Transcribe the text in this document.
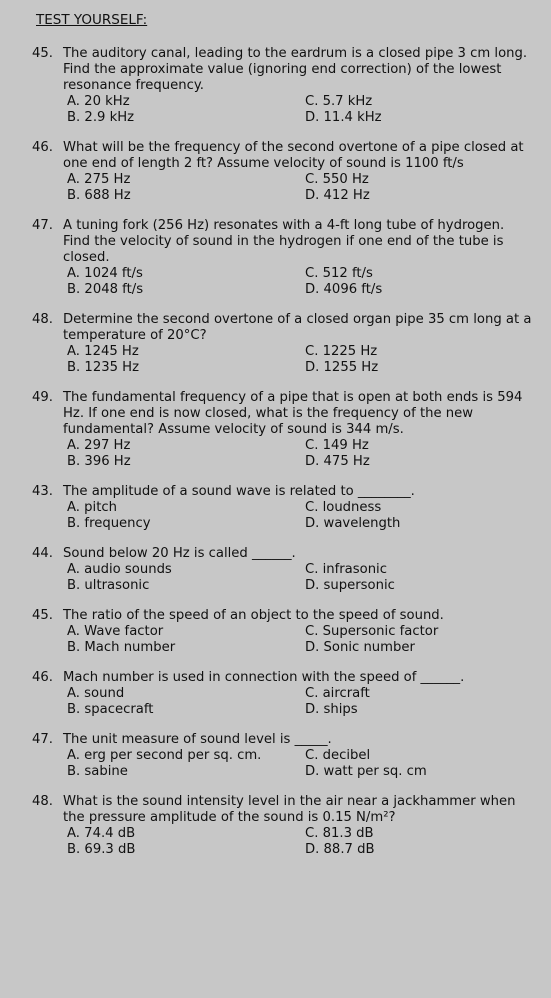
TEST YOURSELF:
45. The auditory canal, leading to the eardrum is a closed pipe 3 cm long. Find the approximate value (ignoring end correction) of the lowest resonance frequency.
A. 20 kHz	C. 5.7 kHz
B. 2.9 kHz	D. 11.4 kHz
46. What will be the frequency of the second overtone of a pipe closed at one end of length 2 ft? Assume velocity of sound is 1100 ft/s
A. 275 Hz	C. 550 Hz
B. 688 Hz	D. 412 Hz
47. A tuning fork (256 Hz) resonates with a 4-ft long tube of hydrogen. Find the velocity of sound in the hydrogen if one end of the tube is closed.
A. 1024 ft/s	C. 512 ft/s
B. 2048 ft/s	D. 4096 ft/s
48. Determine the second overtone of a closed organ pipe 35 cm long at a temperature of 20°C?
A. 1245 Hz	C. 1225 Hz
B. 1235 Hz	D. 1255 Hz
49. The fundamental frequency of a pipe that is open at both ends is 594 Hz. If one end is now closed, what is the frequency of the new fundamental? Assume velocity of sound is 344 m/s.
A. 297 Hz	C. 149 Hz
B. 396 Hz	D. 475 Hz
43. The amplitude of a sound wave is related to ________.
A. pitch	C. loudness
B. frequency	D. wavelength
44. Sound below 20 Hz is called ______.
A. audio sounds	C. infrasonic
B. ultrasonic	D. supersonic
45. The ratio of the speed of an object to the speed of sound.
A. Wave factor	C. Supersonic factor
B. Mach number	D. Sonic number
46. Mach number is used in connection with the speed of ______.
A. sound	C. aircraft
B. spacecraft	D. ships
47. The unit measure of sound level is _____.
A. erg per second per sq. cm.	C. decibel
B. sabine	D. watt per sq. cm
48. What is the sound intensity level in the air near a jackhammer when the pressure amplitude of the sound is 0.15 N/m²?
A. 74.4 dB	C. 81.3 dB
B. 69.3 dB	D. 88.7 dB
